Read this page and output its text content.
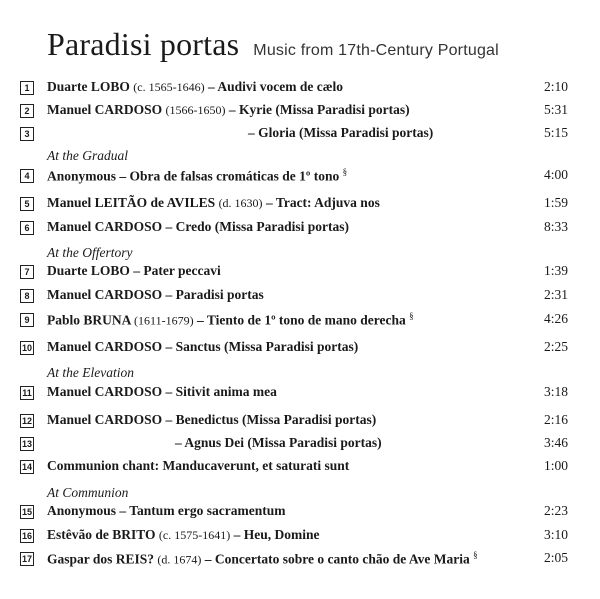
Paradisi portas Music from 17th-Century Portugal
1	Duarte LOBO (c. 1565-1646) – Audivi vocem de cælo	2:10
2	Manuel CARDOSO (1566-1650) – Kyrie (Missa Paradisi portas)	5:31
3	– Gloria (Missa Paradisi portas)	5:15
At the Gradual
4	Anonymous – Obra de falsas cromáticas de 1º tono §	4:00
5	Manuel LEITÃO de AVILES (d. 1630) – Tract: Adjuva nos	1:59
6	Manuel CARDOSO – Credo (Missa Paradisi portas)	8:33
At the Offertory
7	Duarte LOBO – Pater peccavi	1:39
8	Manuel CARDOSO – Paradisi portas	2:31
9	Pablo BRUNA (1611-1679) – Tiento de 1º tono de mano derecha §	4:26
10 Manuel CARDOSO – Sanctus (Missa Paradisi portas)	2:25
At the Elevation
11 Manuel CARDOSO – Sitivit anima mea	3:18
12 Manuel CARDOSO – Benedictus (Missa Paradisi portas)	2:16
13	– Agnus Dei (Missa Paradisi portas)	3:46
14 Communion chant: Manducaverunt, et saturati sunt	1:00
At Communion
15 Anonymous – Tantum ergo sacramentum	2:23
16 Estêvão de BRITO (c. 1575-1641) – Heu, Domine	3:10
17 Gaspar dos REIS? (d. 1674) – Concertato sobre o canto chão de Ave Maria §	2:05
